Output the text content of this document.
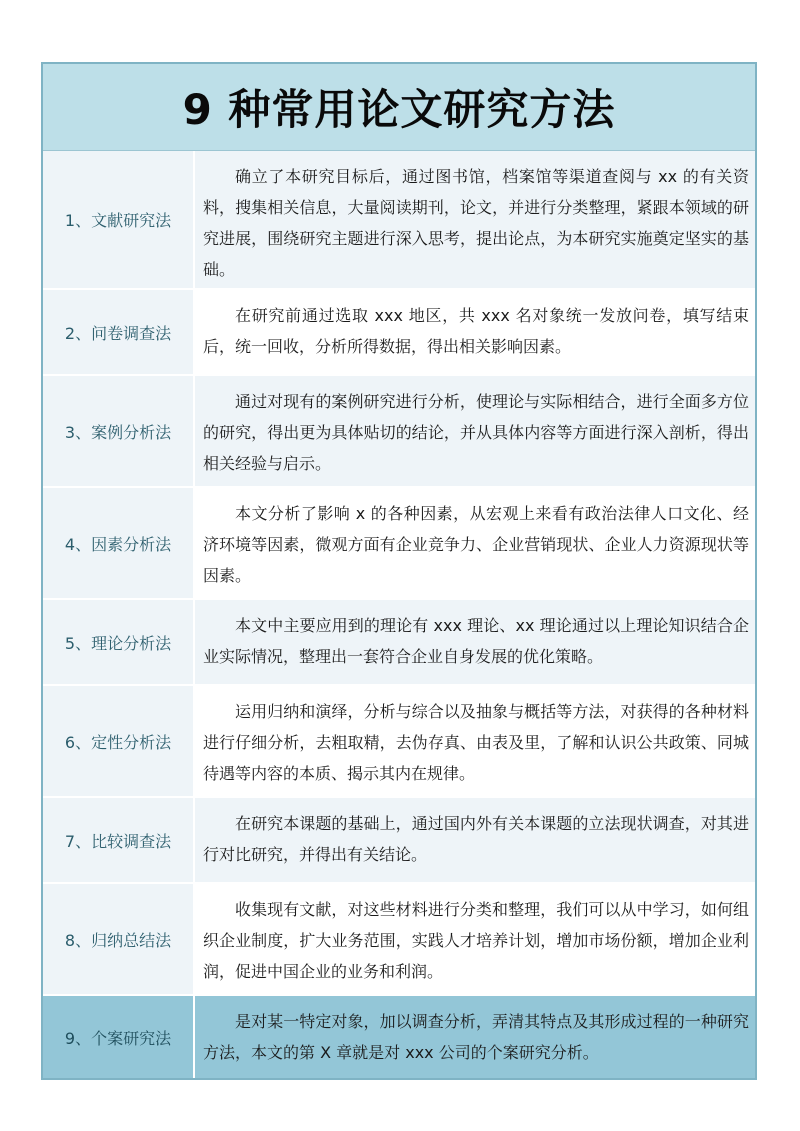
9 种常用论文研究方法
1、文献研究法
确立了本研究目标后，通过图书馆，档案馆等渠道查阅与 xx 的有关资料，搜集相关信息，大量阅读期刊，论文，并进行分类整理，紧跟本领域的研究进展，围绕研究主题进行深入思考，提出论点，为本研究实施奠定坚实的基础。
2、问卷调查法
在研究前通过选取 xxx 地区，共 xxx 名对象统一发放问卷，填写结束后，统一回收，分析所得数据，得出相关影响因素。
3、案例分析法
通过对现有的案例研究进行分析，使理论与实际相结合，进行全面多方位的研究，得出更为具体贴切的结论，并从具体内容等方面进行深入剖析，得出相关经验与启示。
4、因素分析法
本文分析了影响 x 的各种因素，从宏观上来看有政治法律人口文化、经济环境等因素，微观方面有企业竞争力、企业营销现状、企业人力资源现状等因素。
5、理论分析法
本文中主要应用到的理论有 xxx 理论、xx 理论通过以上理论知识结合企业实际情况，整理出一套符合企业自身发展的优化策略。
6、定性分析法
运用归纳和演绎，分析与综合以及抽象与概括等方法，对获得的各种材料进行仔细分析，去粗取精，去伪存真、由表及里，了解和认识公共政策、同城待遇等内容的本质、揭示其内在规律。
7、比较调查法
在研究本课题的基础上，通过国内外有关本课题的立法现状调查，对其进行对比研究，并得出有关结论。
8、归纳总结法
收集现有文献，对这些材料进行分类和整理，我们可以从中学习，如何组织企业制度，扩大业务范围，实践人才培养计划，增加市场份额，增加企业利润，促进中国企业的业务和利润。
9、个案研究法
是对某一特定对象，加以调查分析，弄清其特点及其形成过程的一种研究方法，本文的第 X 章就是对 xxx 公司的个案研究分析。
